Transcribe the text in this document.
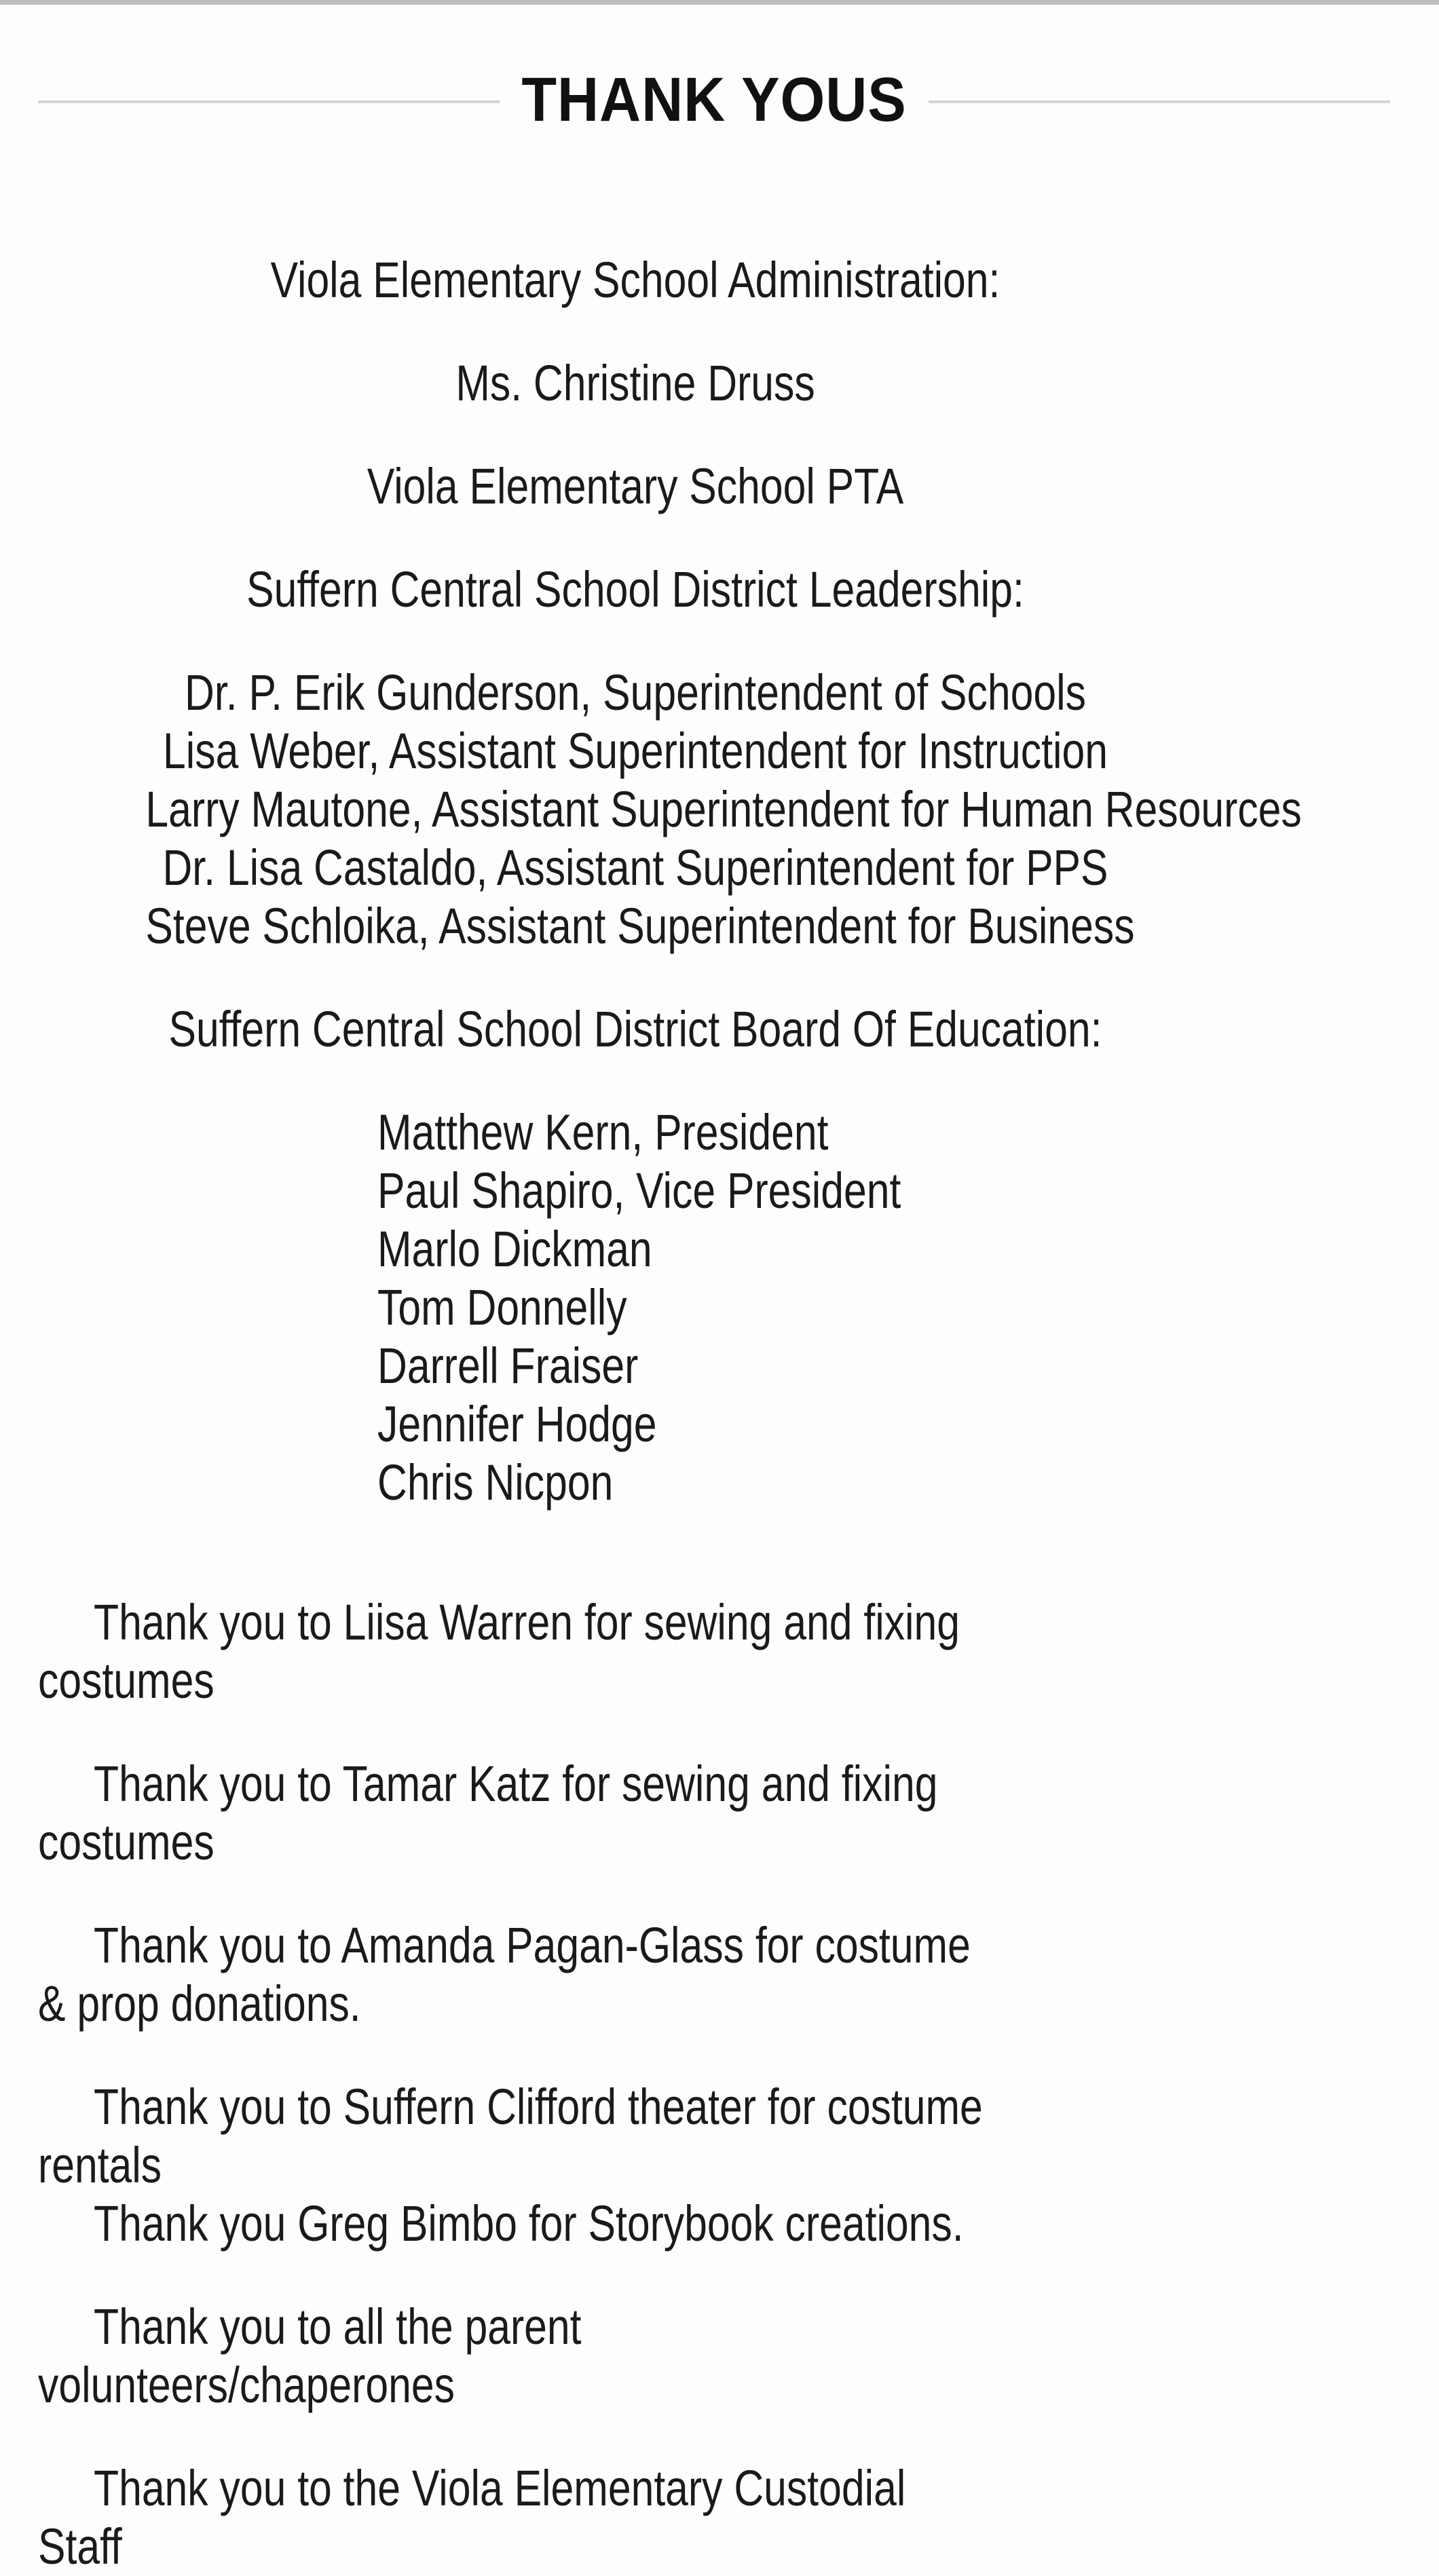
THANK YOUS

Viola Elementary School Administration:

Ms. Christine Druss

Viola Elementary School PTA

Suffern Central School District Leadership:

Dr. P. Erik Gunderson, Superintendent of Schools

Lisa Weber, Assistant Superintendent for Instruction

Larry Mautone, Assistant Superintendent for Human Resources

Dr. Lisa Castaldo, Assistant Superintendent for PPS

Steve Schloika, Assistant Superintendent for Business

Suffern Central School District Board Of Education:

Matthew Kern, President

Paul Shapiro, Vice President

Marlo Dickman

Tom Donnelly

Darrell Fraiser

Jennifer Hodge

Chris Nicpon

Thank you to Liisa Warren for sewing and fixing costumes

Thank you to Tamar Katz for sewing and fixing costumes

Thank you to Amanda Pagan-Glass for costume & prop donations.

Thank you to Suffern Clifford theater for costume rentals

Thank you Greg Bimbo for Storybook creations.

Thank you to all the parent volunteers/chaperones

Thank you to the Viola Elementary Custodial Staff
